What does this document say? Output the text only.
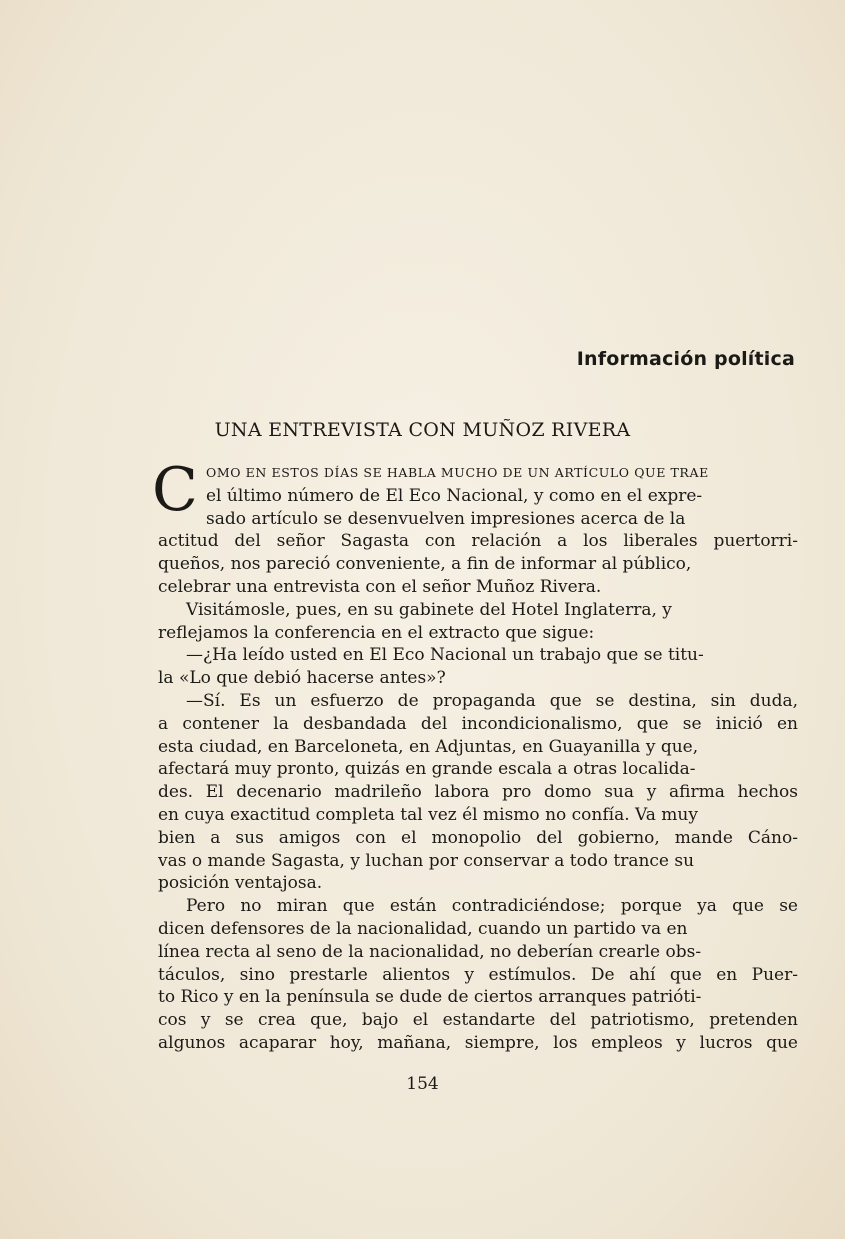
Información política
UNA ENTREVISTA CON MUÑOZ RIVERA
C OMO EN ESTOS DÍAS SE HABLA MUCHO DE UN ARTÍCULO QUE TRAE
el último número de El Eco Nacional, y como en el expre-
sado artículo se desenvuelven impresiones acerca de la
actitud del señor Sagasta con relación a los liberales puertorri-
queños, nos pareció conveniente, a fin de informar al público,
celebrar una entrevista con el señor Muñoz Rivera.
Visitámosle, pues, en su gabinete del Hotel Inglaterra, y
reflejamos la conferencia en el extracto que sigue:
—¿Ha leído usted en El Eco Nacional un trabajo que se titu-
la «Lo que debió hacerse antes»?
—Sí. Es un esfuerzo de propaganda que se destina, sin duda,
a contener la desbandada del incondicionalismo, que se inició en
esta ciudad, en Barceloneta, en Adjuntas, en Guayanilla y que,
afectará muy pronto, quizás en grande escala a otras localida-
des. El decenario madrileño labora pro domo sua y afirma hechos
en cuya exactitud completa tal vez él mismo no confía. Va muy
bien a sus amigos con el monopolio del gobierno, mande Cáno-
vas o mande Sagasta, y luchan por conservar a todo trance su
posición ventajosa.
Pero no miran que están contradiciéndose; porque ya que se
dicen defensores de la nacionalidad, cuando un partido va en
línea recta al seno de la nacionalidad, no deberían crearle obs-
táculos, sino prestarle alientos y estímulos. De ahí que en Puer-
to Rico y en la península se dude de ciertos arranques patrióti-
cos y se crea que, bajo el estandarte del patriotismo, pretenden
algunos acaparar hoy, mañana, siempre, los empleos y lucros que
154
